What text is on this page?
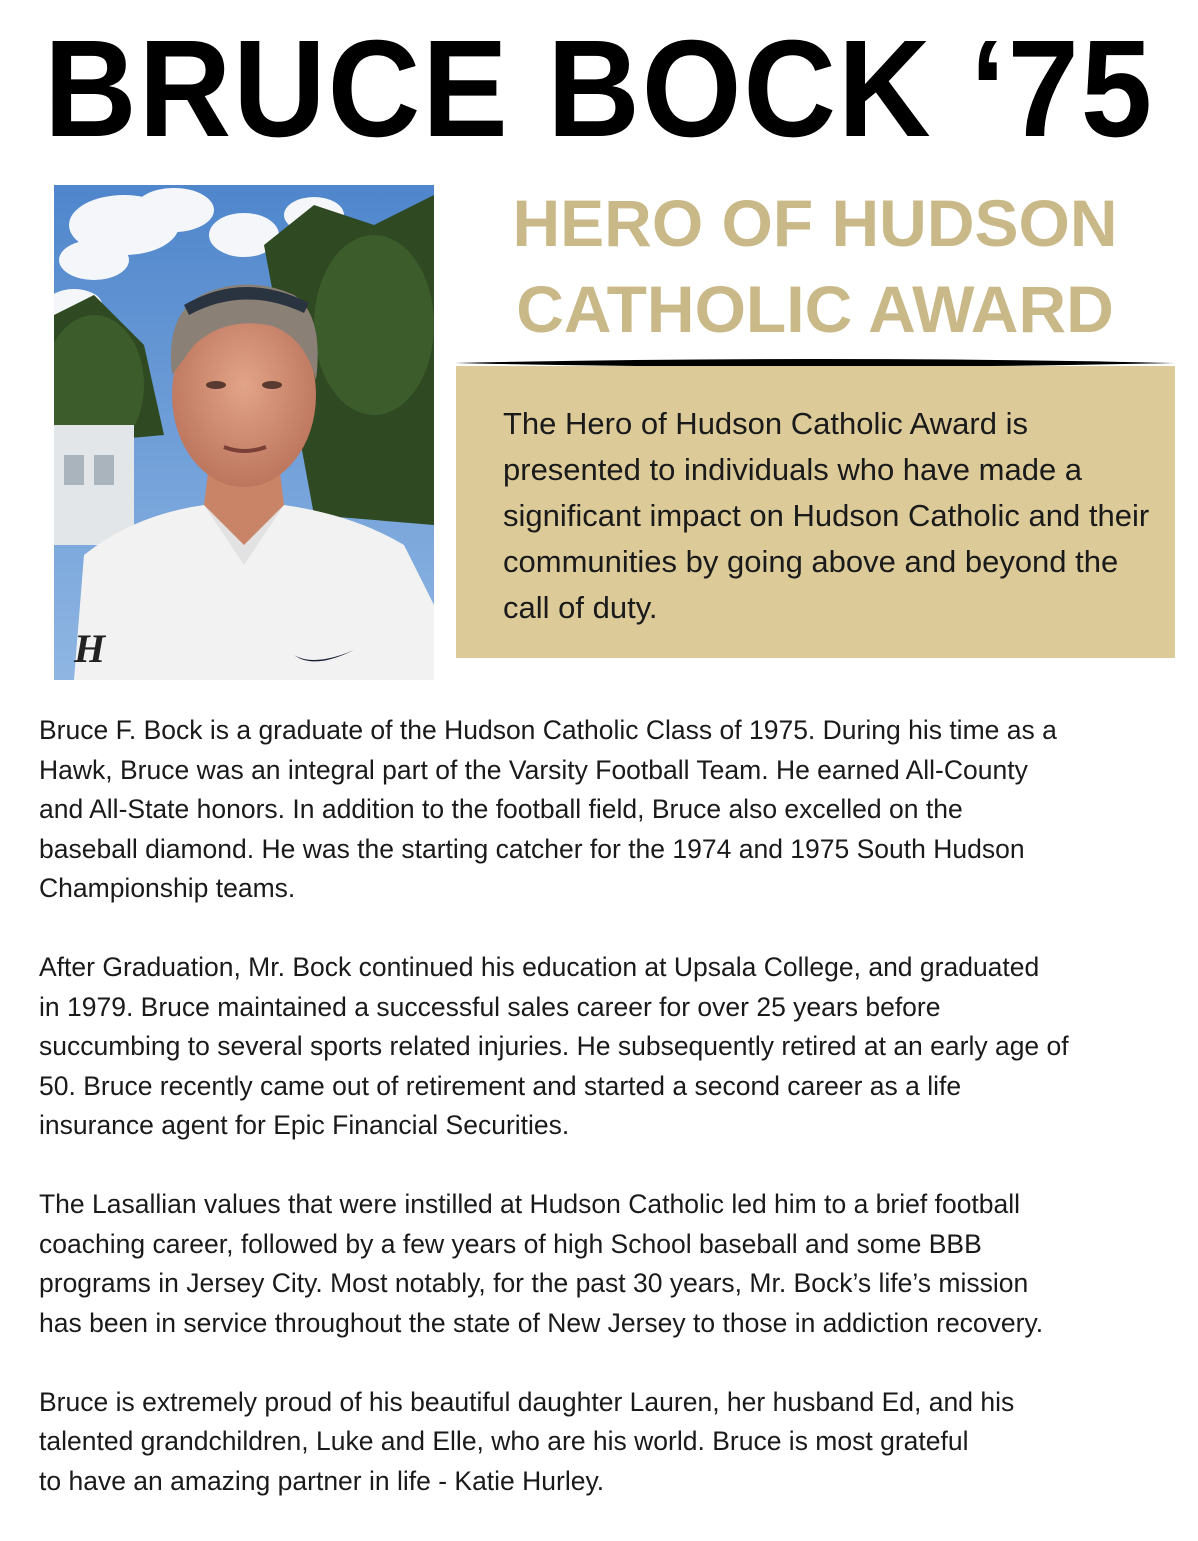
BRUCE BOCK ‘75
H
HERO OF HUDSON
CATHOLIC AWARD

The Hero of Hudson Catholic Award is presented to individuals who have made a significant impact on Hudson Catholic and their communities by going above and beyond the call of duty.

Bruce F. Bock is a graduate of the Hudson Catholic Class of 1975. During his time as a
Hawk, Bruce was an integral part of the Varsity Football Team. He earned All-County
and All-State honors. In addition to the football field, Bruce also excelled on the
baseball diamond. He was the starting catcher for the 1974 and 1975 South Hudson
Championship teams.

After Graduation, Mr. Bock continued his education at Upsala College, and graduated
in 1979. Bruce maintained a successful sales career for over 25 years before
succumbing to several sports related injuries. He subsequently retired at an early age of
50. Bruce recently came out of retirement and started a second career as a life
insurance agent for Epic Financial Securities.

The Lasallian values that were instilled at Hudson Catholic led him to a brief football
coaching career, followed by a few years of high School baseball and some BBB
programs in Jersey City. Most notably, for the past 30 years, Mr. Bock’s life’s mission
has been in service throughout the state of New Jersey to those in addiction recovery.

Bruce is extremely proud of his beautiful daughter Lauren, her husband Ed, and his
talented grandchildren, Luke and Elle, who are his world. Bruce is most grateful
to have an amazing partner in life - Katie Hurley.
